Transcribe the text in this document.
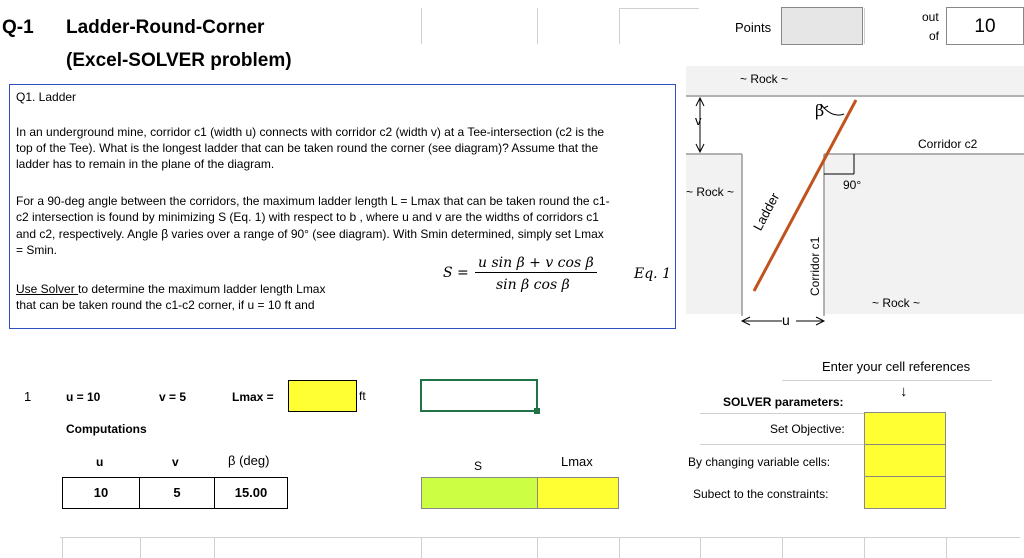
Q-1 Ladder-Round-Corner
(Excel-SOLVER problem)
Points
out
of	10
Q1. Ladder
In an underground mine, corridor c1 (width u) connects with corridor c2 (width v) at a Tee-intersection (c2 is the
top of the Tee). What is the longest ladder that can be taken round the corner (see diagram)? Assume that the
ladder has to remain in the plane of the diagram.
For a 90-deg angle between the corridors, the maximum ladder length L = Lmax that can be taken round the c1-
c2 intersection is found by minimizing S (Eq. 1) with respect to b , where u and v are the widths of corridors c1
and c2, respectively. Angle β varies over a range of 90° (see diagram). With Smin determined, simply set Lmax
= Smin.
Use Solver to determine the maximum ladder length Lmax
that can be taken round the c1-c2 corner, if u = 10 ft and
S =
u sin β + v cos β
sin β cos β
Eq. 1
~ Rock ~
~ Rock ~
~ Rock ~
v
β
Corridor c2
90°
Ladder
Corridor c1
u
1	u = 10	v = 5	Lmax =	ft
Computations
u	v	β (deg)	S	Lmax
10	5	15.00
Enter your cell references
↓
SOLVER parameters:
Set Objective:
By changing variable cells:
Subect to the constraints:
